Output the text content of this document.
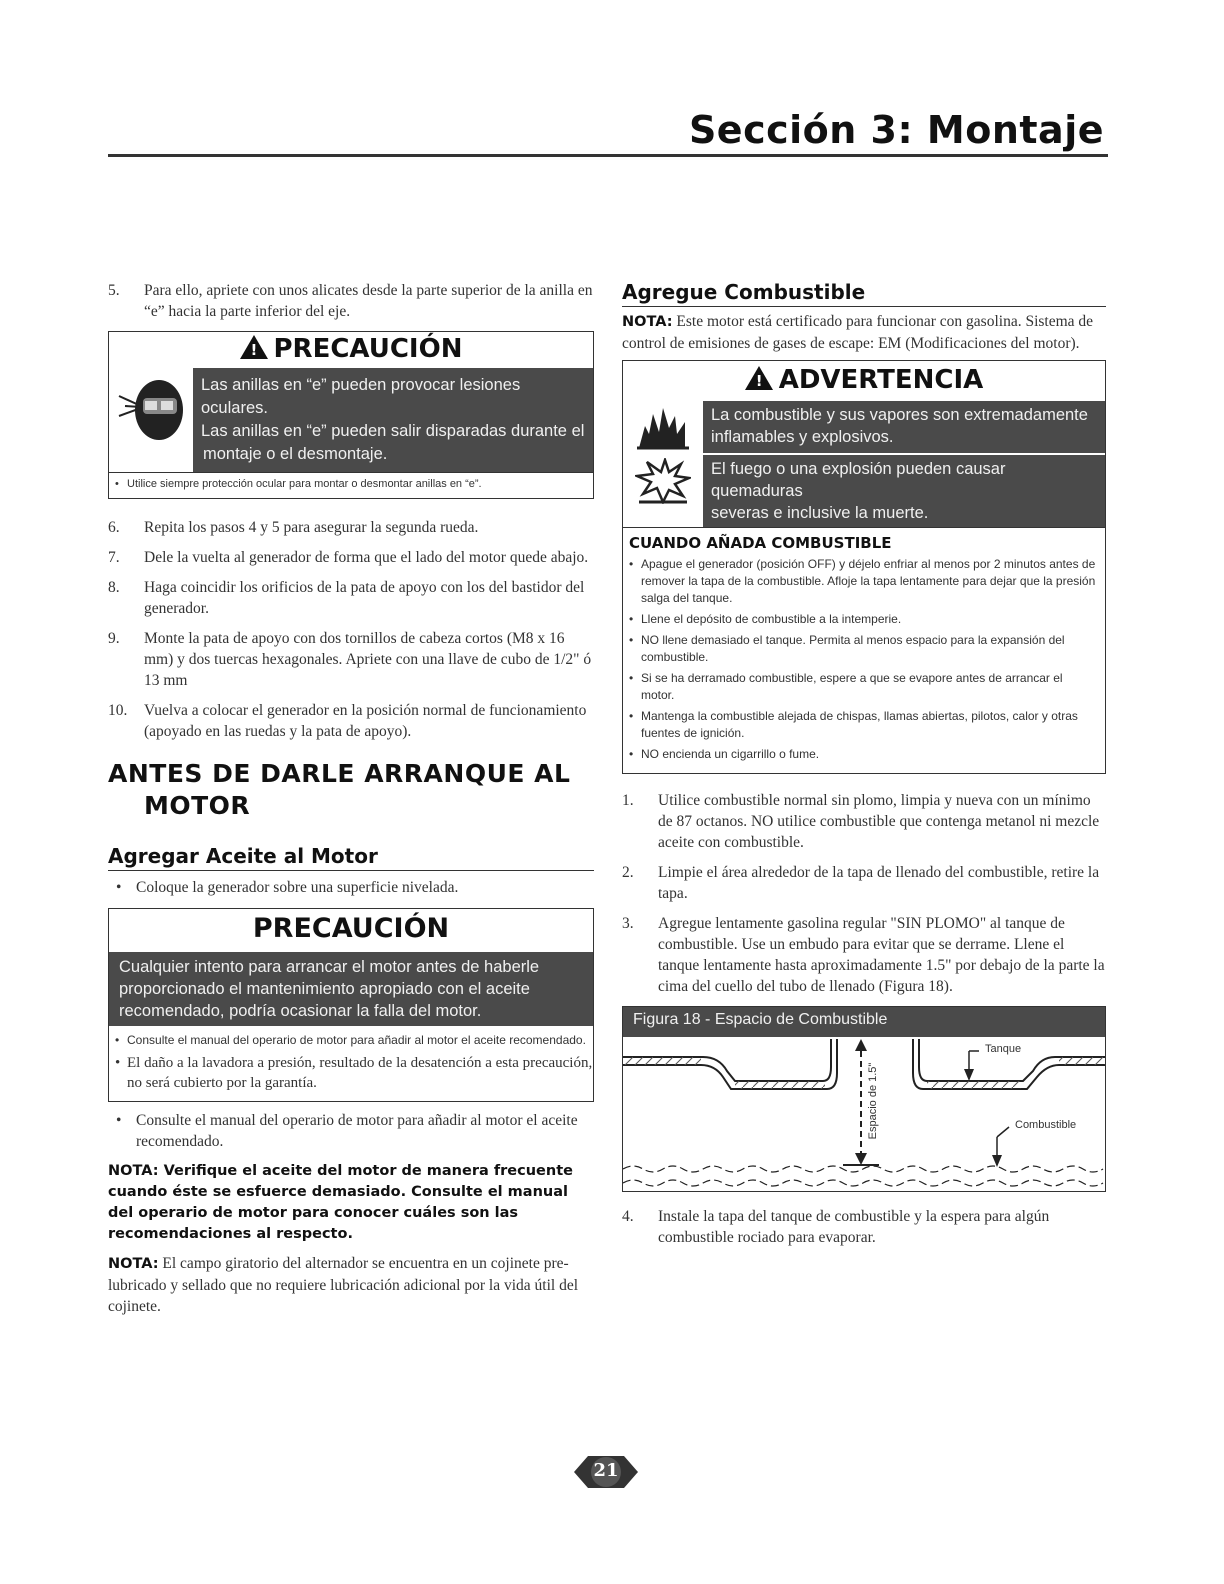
Sección 3: Montaje
5. Para ello, apriete con unos alicates desde la parte superior de la anilla en “e” hacia la parte inferior del eje.
!PRECAUCIÓN

Las anillas en “e” pueden provocar lesiones oculares.

Las anillas en “e” pueden salir disparadas durante el

montaje o el desmontaje.

• Utilice siempre protección ocular para montar o desmontar anillas en “e”.
6. Repita los pasos 4 y 5 para asegurar la segunda rueda.
7. Dele la vuelta al generador de forma que el lado del motor quede abajo.
8. Haga coincidir los orificios de la pata de apoyo con los del bastidor del generador.
9. Monte la pata de apoyo con dos tornillos de cabeza cortos (M8 x 16 mm) y dos tuercas hexagonales. Apriete con una llave de cubo de 1/2" ó 13 mm
10. Vuelva a colocar el generador en la posición normal de funcionamiento (apoyado en las ruedas y la pata de apoyo).
ANTES DE DARLE ARRANQUE AL
MOTOR
Agregar Aceite al Motor
• Coloque la generador sobre una superficie nivelada.
PRECAUCIÓN

Cualquier intento para arrancar el motor antes de haberle

proporcionado el mantenimiento apropiado con el aceite

recomendado, podría ocasionar la falla del motor.

• Consulte el manual del operario de motor para añadir al motor el aceite recomendado.
• El daño a la lavadora a presión, resultado de la desatención a esta precaución, no será cubierto por la garantía.
• Consulte el manual del operario de motor para añadir al motor el aceite recomendado.
NOTA: Verifique el aceite del motor de manera frecuente cuando éste se esfuerce demasiado. Consulte el manual del operario de motor para conocer cuáles son las recomendaciones al respecto.
NOTA: El campo giratorio del alternador se encuentra en un cojinete pre-lubricado y sellado que no requiere lubricación adicional por la vida útil del cojinete.
Agregue Combustible
NOTA: Este motor está certificado para funcionar con gasolina. Sistema de control de emisiones de gases de escape: EM (Modificaciones del motor).
!ADVERTENCIA

La combustible y sus vapores son extremadamente

inflamables y explosivos.

El fuego o una explosión pueden causar quemaduras

severas e inclusive la muerte.

CUANDO AÑADA COMBUSTIBLE
• Apague el generador (posición OFF) y déjelo enfriar al menos por 2 minutos antes de remover la tapa de la combustible. Afloje la tapa lentamente para dejar que la presión salga del tanque.
• Llene el depósito de combustible a la intemperie.
• NO llene demasiado el tanque. Permita al menos espacio para la expansión del combustible.
• Si se ha derramado combustible, espere a que se evapore antes de arrancar el motor.
• Mantenga la combustible alejada de chispas, llamas abiertas, pilotos, calor y otras fuentes de ignición.
• NO encienda un cigarrillo o fume.
1. Utilice combustible normal sin plomo, limpia y nueva con un mínimo de 87 octanos. NO utilice combustible que contenga metanol ni mezcle aceite con combustible.
2. Limpie el área alrededor de la tapa de llenado del combustible, retire la tapa.
3. Agregue lentamente gasolina regular "SIN PLOMO" al tanque de combustible. Use un embudo para evitar que se derrame. Llene el tanque lentamente hasta aproximadamente 1.5" por debajo de la parte la cima del cuello del tubo de llenado (Figura 18).
Figura 18 - Espacio de Combustible
Tanque
Combustible
Espacio de 1.5"
4. Instale la tapa del tanque de combustible y la espera para algún combustible rociado para evaporar.
21
